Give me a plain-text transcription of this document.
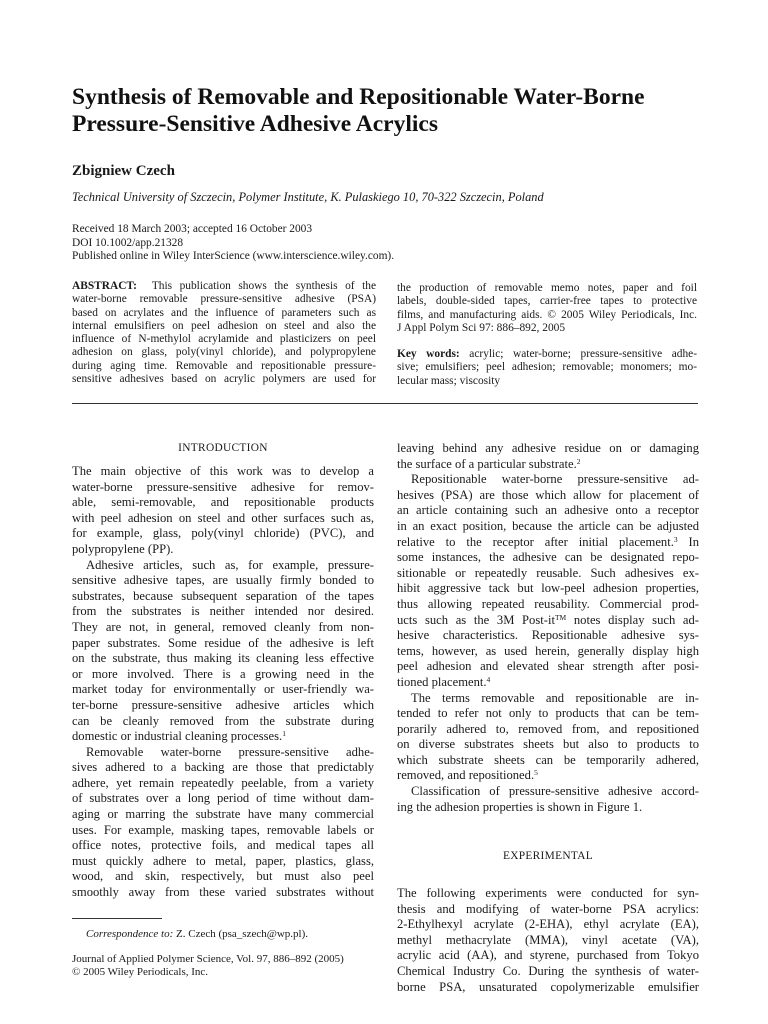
Synthesis of Removable and Repositionable Water-Borne
Pressure-Sensitive Adhesive Acrylics
Zbigniew Czech
Technical University of Szczecin, Polymer Institute, K. Pulaskiego 10, 70-322 Szczecin, Poland
Received 18 March 2003; accepted 16 October 2003
DOI 10.1002/app.21328
Published online in Wiley InterScience (www.interscience.wiley.com).
ABSTRACT: This publication shows the synthesis of the
water-borne removable pressure-sensitive adhesive (PSA)
based on acrylates and the influence of parameters such as
internal emulsifiers on peel adhesion on steel and also the
influence of N-methylol acrylamide and plasticizers on peel
adhesion on glass, poly(vinyl chloride), and polypropylene
during aging time. Removable and repositionable pressure-
sensitive adhesives based on acrylic polymers are used for
the production of removable memo notes, paper and foil
labels, double-sided tapes, carrier-free tapes to protective
films, and manufacturing aids. © 2005 Wiley Periodicals, Inc.
J Appl Polym Sci 97: 886–892, 2005
Key words: acrylic; water-borne; pressure-sensitive adhe-
sive; emulsifiers; peel adhesion; removable; monomers; mo-
lecular mass; viscosity
INTRODUCTION
The main objective of this work was to develop a
water-borne pressure-sensitive adhesive for remov-
able, semi-removable, and repositionable products
with peel adhesion on steel and other surfaces such as,
for example, glass, poly(vinyl chloride) (PVC), and
polypropylene (PP).
Adhesive articles, such as, for example, pressure-
sensitive adhesive tapes, are usually firmly bonded to
substrates, because subsequent separation of the tapes
from the substrates is neither intended nor desired.
They are not, in general, removed cleanly from non-
paper substrates. Some residue of the adhesive is left
on the substrate, thus making its cleaning less effective
or more involved. There is a growing need in the
market today for environmentally or user-friendly wa-
ter-borne pressure-sensitive adhesive articles which
can be cleanly removed from the substrate during
domestic or industrial cleaning processes.$^1$
Removable water-borne pressure-sensitive adhe-
sives adhered to a backing are those that predictably
adhere, yet remain repeatedly peelable, from a variety
of substrates over a long period of time without dam-
aging or marring the substrate have many commercial
uses. For example, masking tapes, removable labels or
office notes, protective foils, and medical tapes all
must quickly adhere to metal, paper, plastics, glass,
wood, and skin, respectively, but must also peel
smoothly away from these varied substrates without
leaving behind any adhesive residue on or damaging
the surface of a particular substrate.$^2$
Repositionable water-borne pressure-sensitive ad-
hesives (PSA) are those which allow for placement of
an article containing such an adhesive onto a receptor
in an exact position, because the article can be adjusted
relative to the receptor after initial placement.$^3$ In
some instances, the adhesive can be designated repo-
sitionable or repeatedly reusable. Such adhesives ex-
hibit aggressive tack but low-peel adhesion properties,
thus allowing repeated reusability. Commercial prod-
ucts such as the 3M Post-it™ notes display such ad-
hesive characteristics. Repositionable adhesive sys-
tems, however, as used herein, generally display high
peel adhesion and elevated shear strength after posi-
tioned placement.$^4$
The terms removable and repositionable are in-
tended to refer not only to products that can be tem-
porarily adhered to, removed from, and repositioned
on diverse substrates sheets but also to products to
which substrate sheets can be temporarily adhered,
removed, and repositioned.$^5$
Classification of pressure-sensitive adhesive accord-
ing the adhesion properties is shown in Figure 1.
EXPERIMENTAL
The following experiments were conducted for syn-
thesis and modifying of water-borne PSA acrylics:
2-Ethylhexyl acrylate (2-EHA), ethyl acrylate (EA),
methyl methacrylate (MMA), vinyl acetate (VA),
acrylic acid (AA), and styrene, purchased from Tokyo
Chemical Industry Co. During the synthesis of water-
borne PSA, unsaturated copolymerizable emulsifier
Correspondence to: Z. Czech (psa_szech@wp.pl).
Journal of Applied Polymer Science, Vol. 97, 886–892 (2005)
© 2005 Wiley Periodicals, Inc.
